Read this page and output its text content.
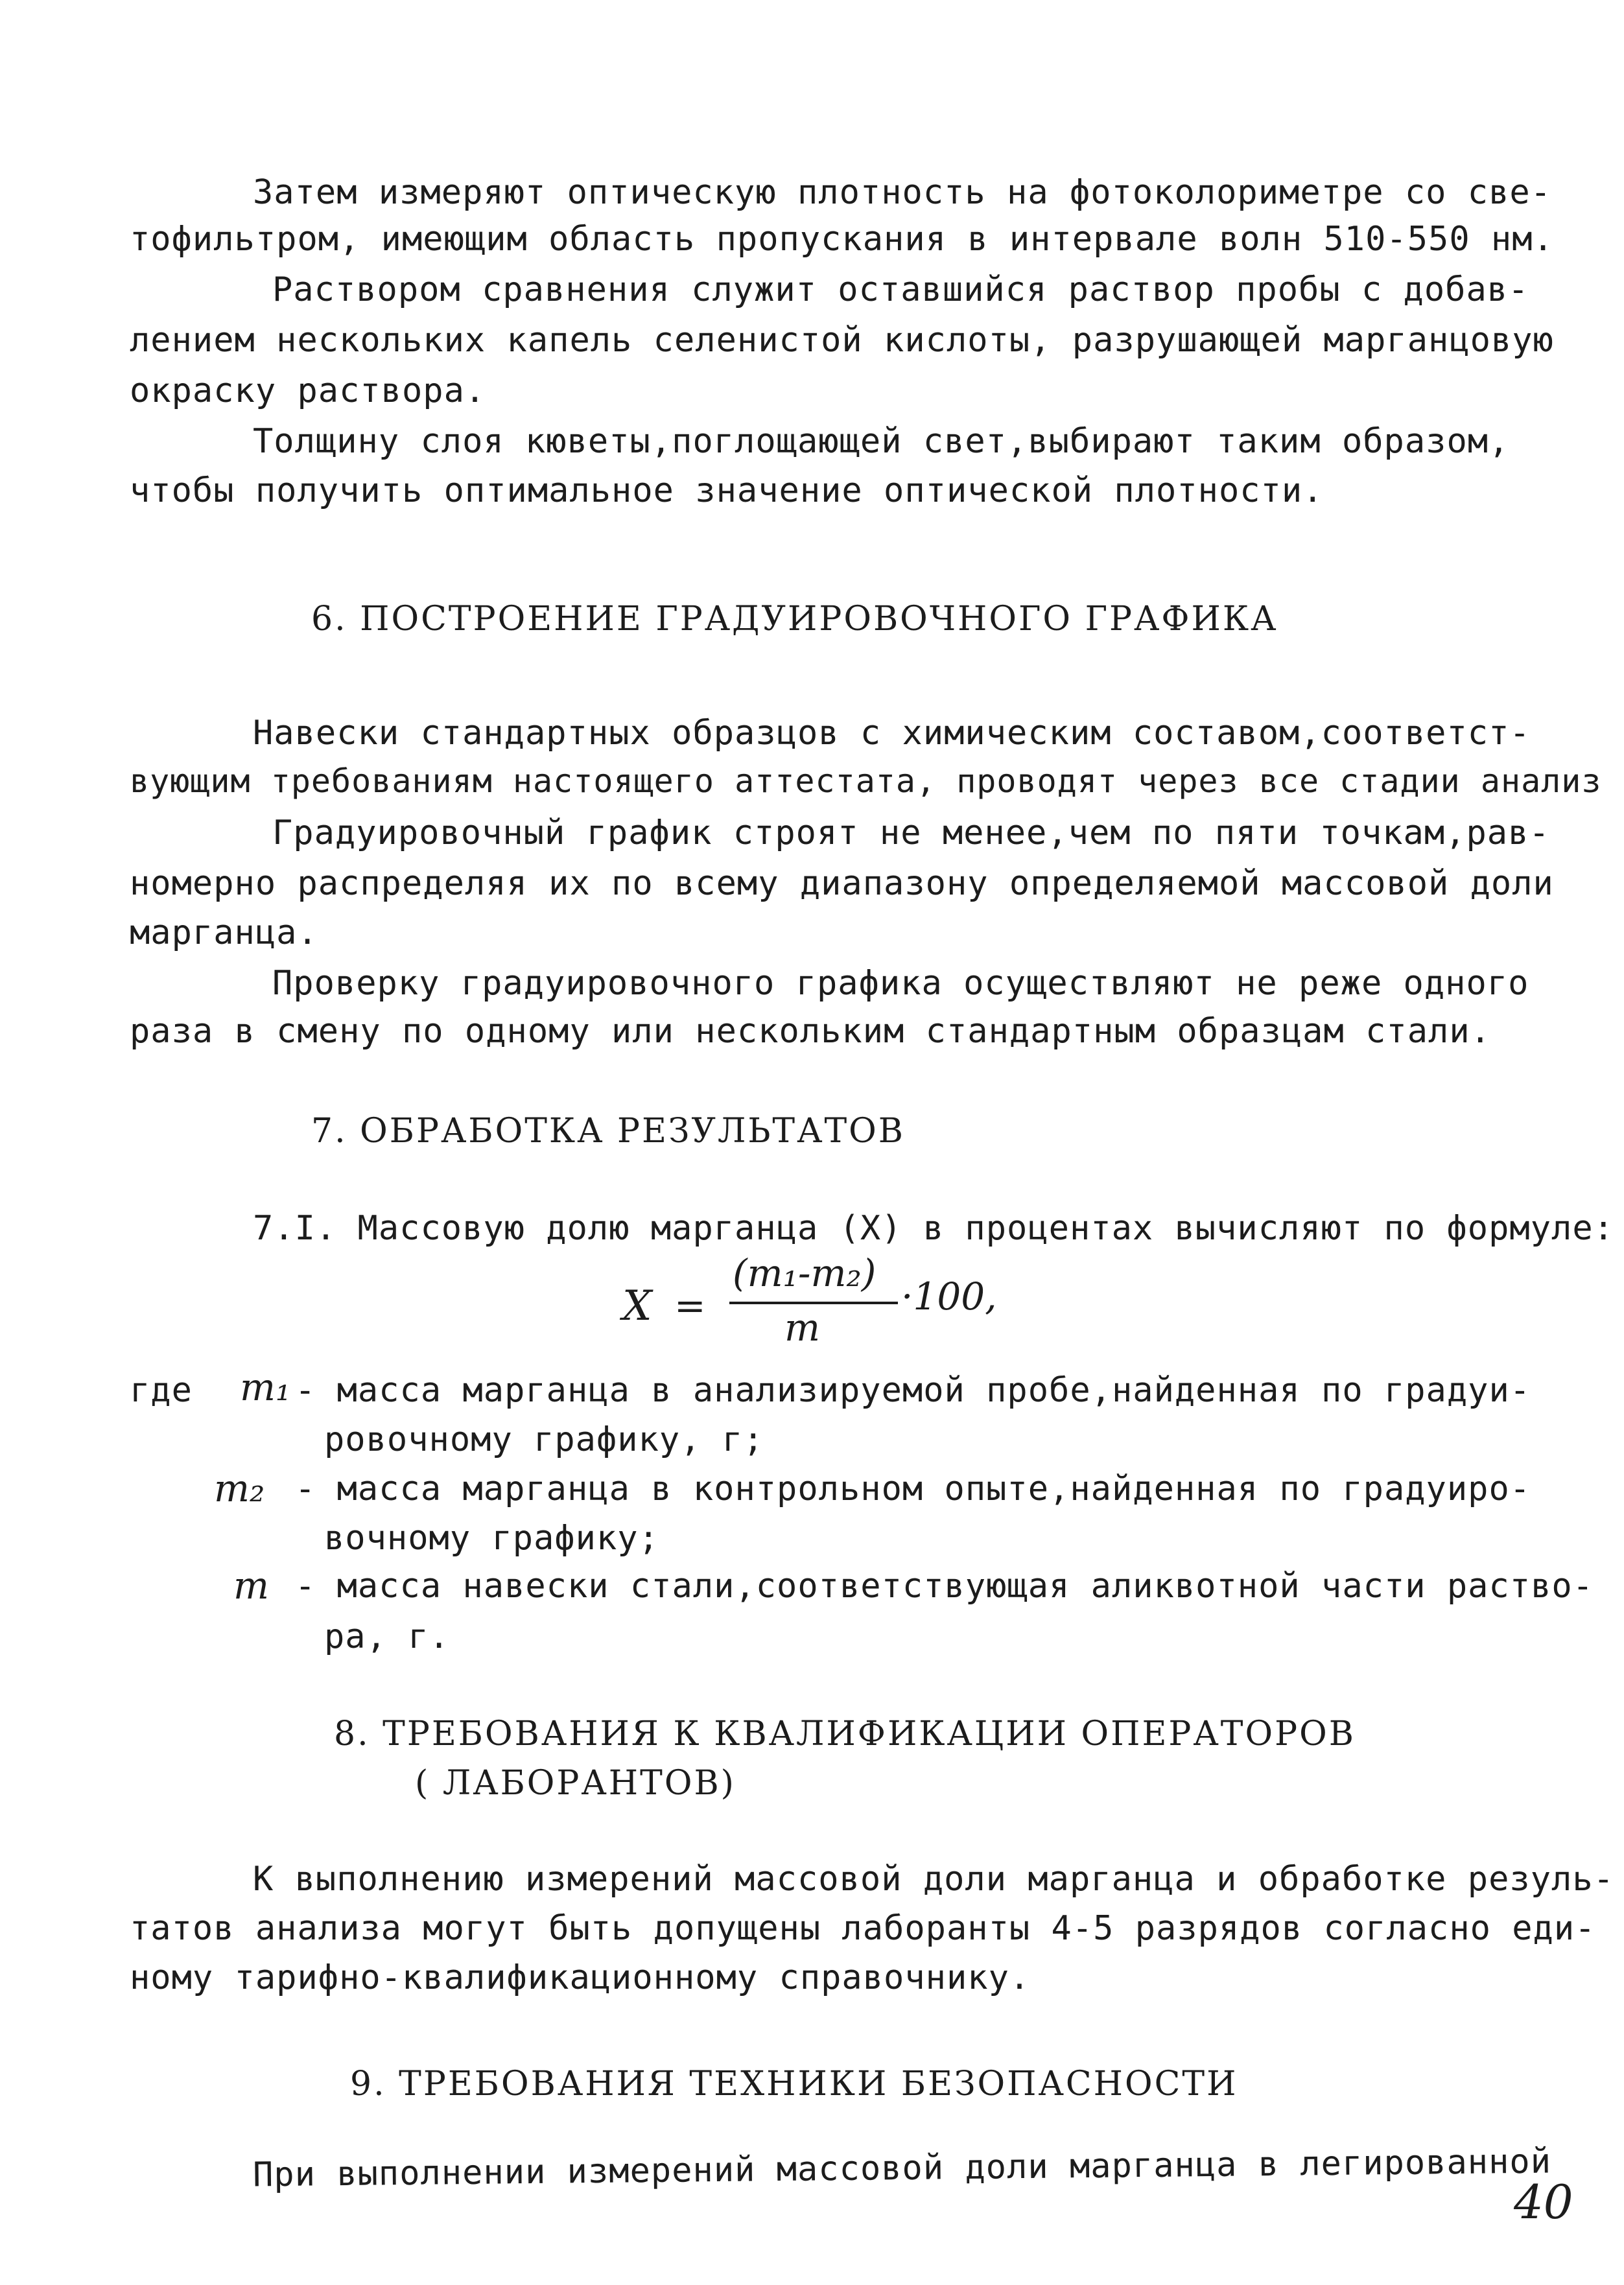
Затем измеряют оптическую плотность на фотоколориметре со све-
тофильтром, имеющим область пропускания в интервале волн 510-550 нм.
Раствором сравнения служит оставшийся раствор пробы с добав-
лением нескольких капель селенистой кислоты, разрушающей марганцовую
окраску раствора.
Толщину слоя кюветы,поглощающей свет,выбирают таким образом,
чтобы получить оптимальное значение оптической плотности.
6. ПОСТРОЕНИЕ ГРАДУИРОВОЧНОГО ГРАФИКА
Навески стандартных образцов с химическим составом,соответст-
вующим требованиям настоящего аттестата, проводят через все стадии анализ
Градуировочный график строят не менее,чем по пяти точкам,рав-
номерно распределяя их по всему диапазону определяемой массовой доли
марганца.
Проверку градуировочного графика осуществляют не реже одного
раза в смену по одному или нескольким стандартным образцам стали.
7. ОБРАБОТКА РЕЗУЛЬТАТОВ
7.I. Массовую долю марганца (X) в процентах вычисляют по формуле:
X =
(m₁-m₂)
m
·100,
где m₁ - масса марганца в анализируемой пробе,найденная по градуи-
ровочному графику, г;
m₂ - масса марганца в контрольном опыте,найденная по градуиро-
вочному графику;
m - масса навески стали,соответствующая аликвотной части раство-
ра, г.
8. ТРЕБОВАНИЯ К КВАЛИФИКАЦИИ ОПЕРАТОРОВ
( ЛАБОРАНТОВ)
К выполнению измерений массовой доли марганца и обработке резуль-
татов анализа могут быть допущены лаборанты 4-5 разрядов согласно еди-
ному тарифно-квалификационному справочнику.
9. ТРЕБОВАНИЯ ТЕХНИКИ БЕЗОПАСНОСТИ
При выполнении измерений массовой доли марганца в легированной
40
